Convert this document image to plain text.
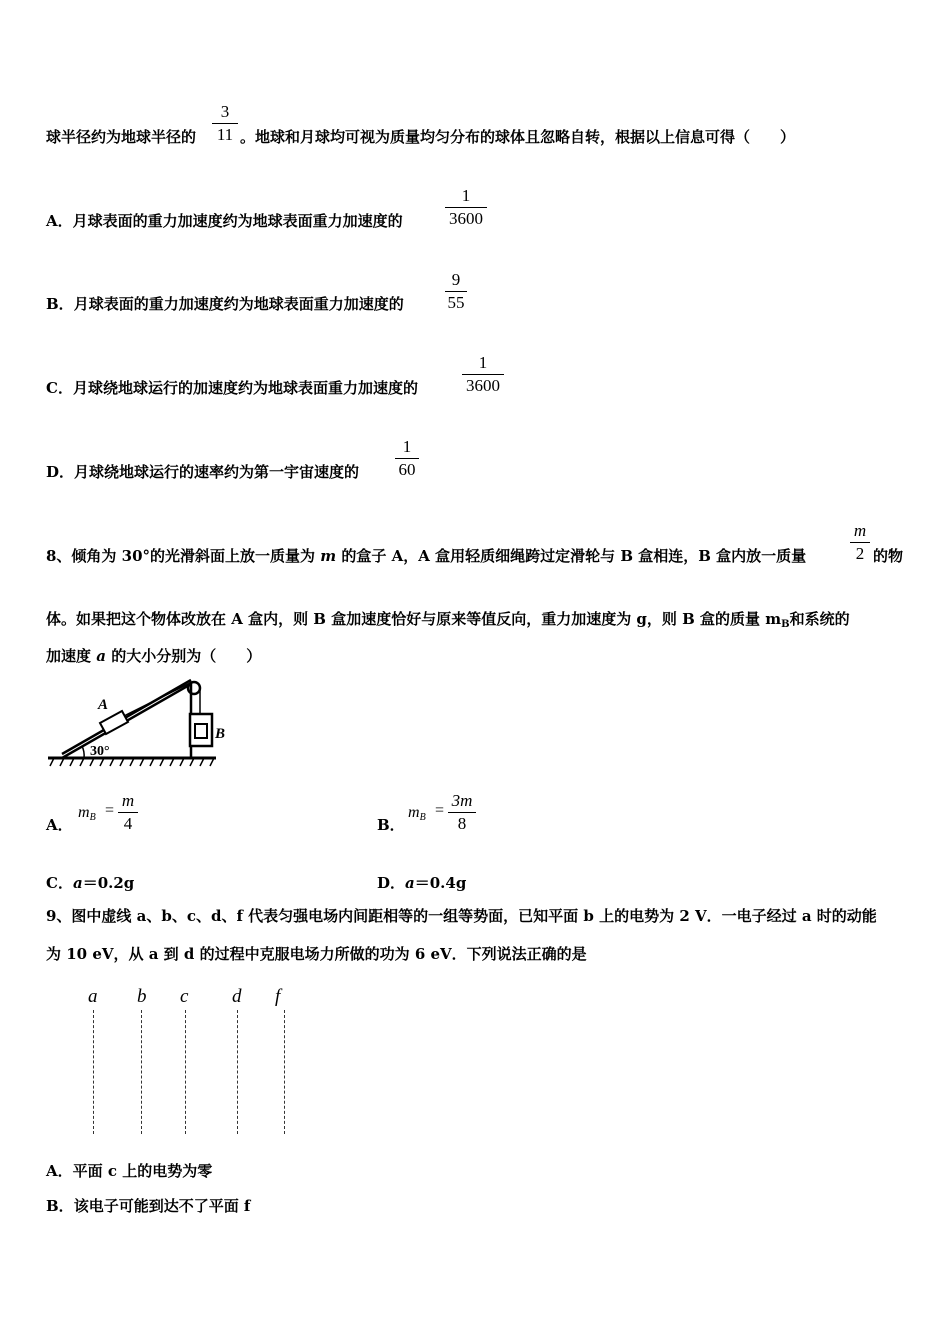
3
11
球半径约为地球半径的	。地球和月球均可视为质量均匀分布的球体且忽略自转，根据以上信息可得（　　）
A．月球表面的重力加速度约为地球表面重力加速度的
1
3600
B．月球表面的重力加速度约为地球表面重力加速度的
9
55
C．月球绕地球运行的加速度约为地球表面重力加速度的
1
3600
D．月球绕地球运行的速率约为第一宇宙速度的
1
60
8、倾角为 30°的光滑斜面上放一质量为 m 的盒子 A，A 盒用轻质细绳跨过定滑轮与 B 盒相连，B 盒内放一质量
m
2 的物
体。如果把这个物体改放在 A 盒内，则 B 盒加速度恰好与原来等值反向，重力加速度为 g，则 B 盒的质量 $m_B$和系统的
加速度 a 的大小分别为（　　）
30°
A
B
A．
mB =
m
4	B．
mB =
3m
8
C．a＝0.2g	D．a＝0.4g
9、图中虚线 a、b、c、d、f 代表匀强电场内间距相等的一组等势面，已知平面 b 上的电势为 2 V．一电子经过 a 时的动能
为 10 eV，从 a 到 d 的过程中克服电场力所做的功为 6 eV．下列说法正确的是
a b c d f
A．平面 c 上的电势为零
B．该电子可能到达不了平面 f
